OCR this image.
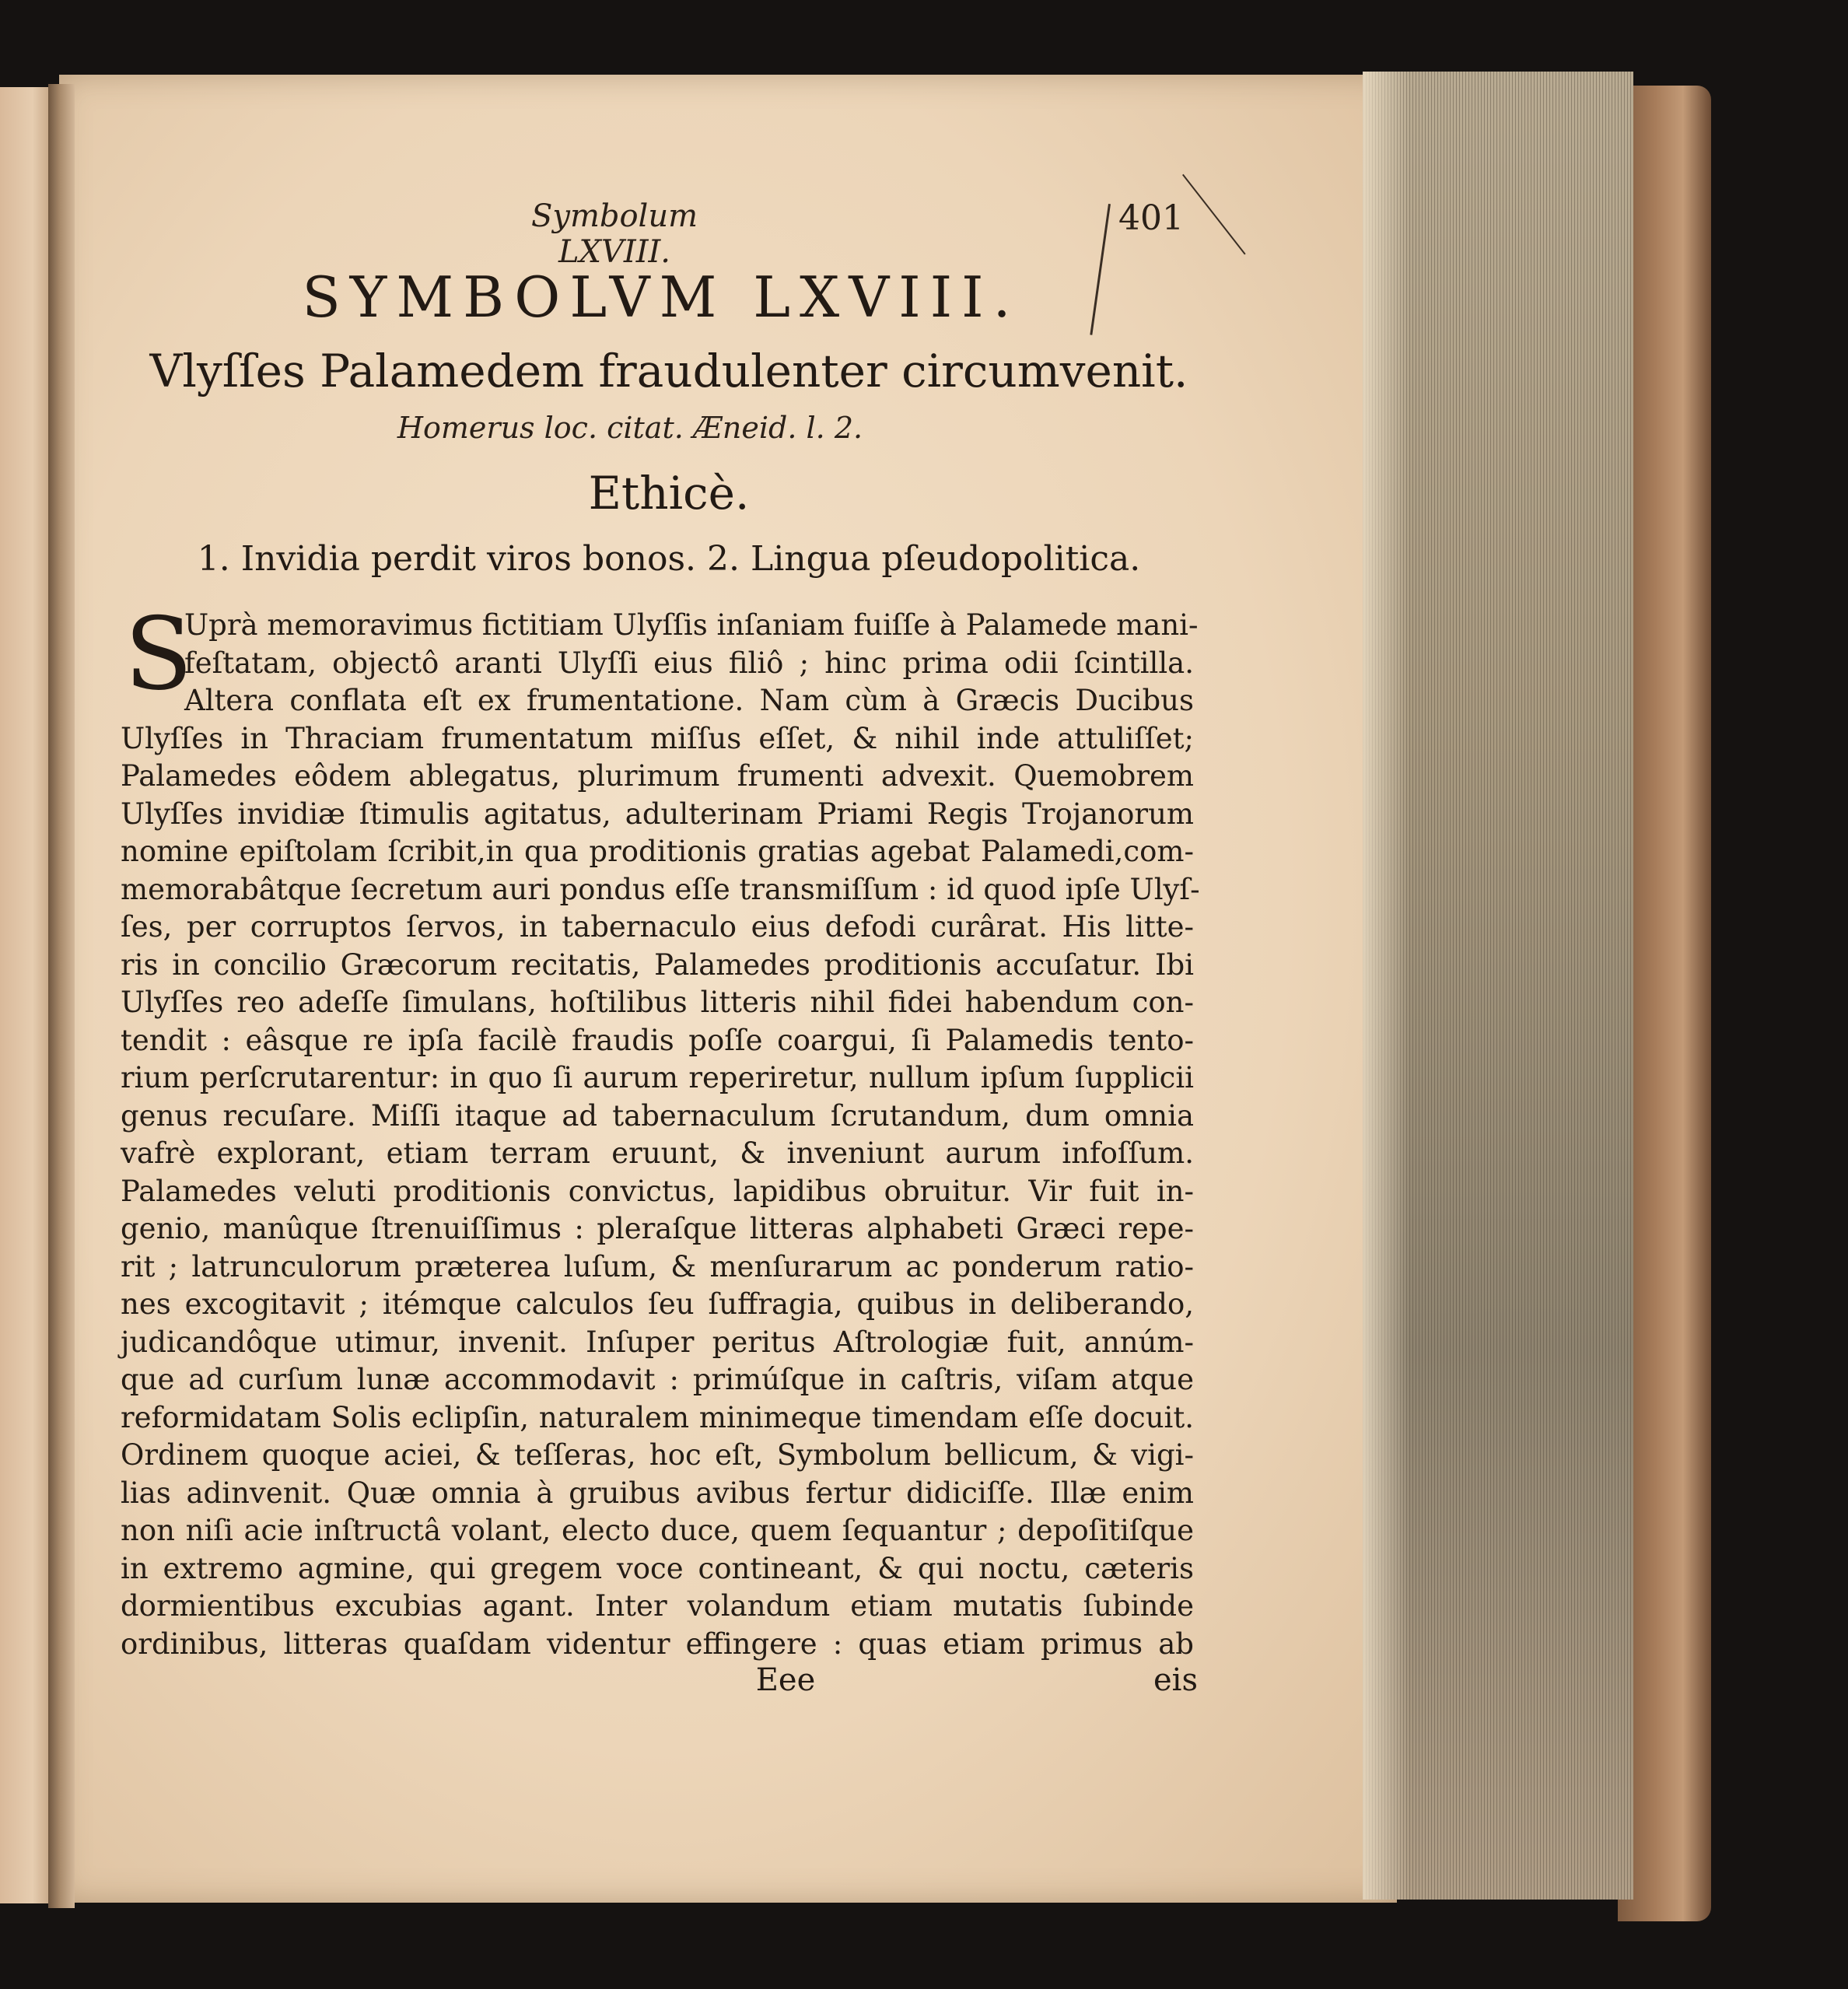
Symbolum LXVIII.
401
SYMBOLVM LXVIII.
Vlyſſes Palamedem fraudulenter circumvenit.
Homerus loc. citat. Æneid. l. 2.
Ethicè.
1. Invidia perdit viros bonos. 2. Lingua pſeudopolitica.
S
Uprà memoravimus fictitiam Ulyſſis inſaniam fuiſſe à Palamede mani-
feſtatam, objectô aranti Ulyſſi eius filiô ; hinc prima odii ſcintilla.
Altera conflata eſt ex frumentatione. Nam cùm à Græcis Ducibus
Ulyſſes in Thraciam frumentatum miſſus eſſet, & nihil inde attuliſſet;
Palamedes eôdem ablegatus, plurimum frumenti advexit. Quemobrem
Ulyſſes invidiæ ſtimulis agitatus, adulterinam Priami Regis Trojanorum
nomine epiſtolam ſcribit,in qua proditionis gratias agebat Palamedi,com-
memorabâtque ſecretum auri pondus eſſe transmiſſum : id quod ipſe Ulyſ-
ſes, per corruptos ſervos, in tabernaculo eius defodi curârat. His litte-
ris in concilio Græcorum recitatis, Palamedes proditionis accuſatur. Ibi
Ulyſſes reo adeſſe ſimulans, hoſtilibus litteris nihil fidei habendum con-
tendit : eâsque re ipſa facilè fraudis poſſe coargui, ſi Palamedis tento-
rium perſcrutarentur: in quo ſi aurum reperiretur, nullum ipſum ſupplicii
genus recuſare. Miſſi itaque ad tabernaculum ſcrutandum, dum omnia
vafrè explorant, etiam terram eruunt, & inveniunt aurum infoſſum.
Palamedes veluti proditionis convictus, lapidibus obruitur. Vir fuit in-
genio, manûque ſtrenuiſſimus : pleraſque litteras alphabeti Græci repe-
rit ; latrunculorum præterea luſum, & menſurarum ac ponderum ratio-
nes excogitavit ; itémque calculos ſeu ſuffragia, quibus in deliberando,
judicandôque utimur, invenit. Inſuper peritus Aſtrologiæ fuit, annúm-
que ad curſum lunæ accommodavit : primúſque in caſtris, viſam atque
reformidatam Solis eclipſin, naturalem minimeque timendam eſſe docuit.
Ordinem quoque aciei, & teſſeras, hoc eſt, Symbolum bellicum, & vigi-
lias adinvenit. Quæ omnia à gruibus avibus fertur didiciſſe. Illæ enim
non niſi acie inſtructâ volant, electo duce, quem ſequantur ; depoſitiſque
in extremo agmine, qui gregem voce contineant, & qui noctu, cæteris
dormientibus excubias agant. Inter volandum etiam mutatis ſubinde
ordinibus, litteras quaſdam videntur effingere : quas etiam primus ab
Eee	eis
